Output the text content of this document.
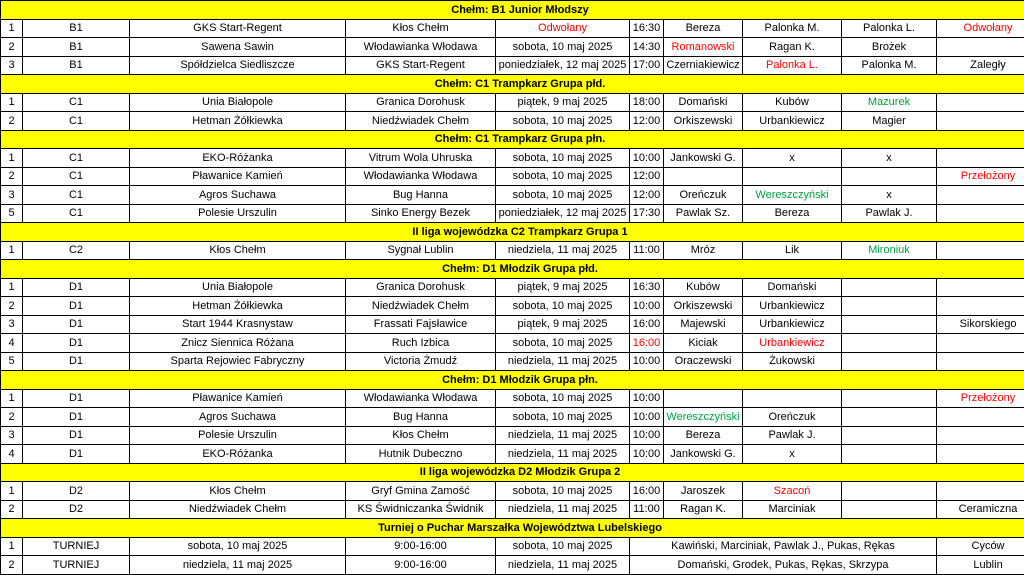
Chełm: B1 Junior Młodszy									
1	B1	GKS Start-Regent	Kłos Chełm	Odwołany	16:30	Bereza	Palonka M.	Palonka L.	Odwołany
2	B1	Sawena Sawin	Włodawianka Włodawa	sobota, 10 maj 2025	14:30	Romanowski	Ragan K.	Brożek	
3	B1	Spółdzielca Siedliszcze	GKS Start-Regent	poniedziałek, 12 maj 2025	17:00	Czerniakiewicz	Palonka L.	Palonka M.	Zaległy
Chełm: C1 Trampkarz Grupa płd.									
1	C1	Unia Białopole	Granica Dorohusk	piątek, 9 maj 2025	18:00	Domański	Kubów	Mazurek	
2	C1	Hetman Żółkiewka	Niedźwiadek Chełm	sobota, 10 maj 2025	12:00	Orkiszewski	Urbankiewicz	Magier	
Chełm: C1 Trampkarz Grupa płn.									
1	C1	EKO-Różanka	Vitrum Wola Uhruska	sobota, 10 maj 2025	10:00	Jankowski G.	x	x	
2	C1	Pławanice Kamień	Włodawianka Włodawa	sobota, 10 maj 2025	12:00				Przełożony
3	C1	Agros Suchawa	Bug Hanna	sobota, 10 maj 2025	12:00	Oreńczuk	Wereszczyński	x	
5	C1	Polesie Urszulin	Sinko Energy Bezek	poniedziałek, 12 maj 2025	17:30	Pawlak Sz.	Bereza	Pawlak J.	
II liga wojewódzka C2 Trampkarz Grupa 1									
1	C2	Kłos Chełm	Sygnał Lublin	niedziela, 11 maj 2025	11:00	Mróz	Lik	Mironiuk	
Chełm: D1 Młodzik Grupa płd.									
1	D1	Unia Białopole	Granica Dorohusk	piątek, 9 maj 2025	16:30	Kubów	Domański		
2	D1	Hetman Żółkiewka	Niedźwiadek Chełm	sobota, 10 maj 2025	10:00	Orkiszewski	Urbankiewicz		
3	D1	Start 1944 Krasnystaw	Frassati Fajsławice	piątek, 9 maj 2025	16:00	Majewski	Urbankiewicz		Sikorskiego
4	D1	Znicz Siennica Różana	Ruch Izbica	sobota, 10 maj 2025	16:00	Kiciak	Urbankiewicz		
5	D1	Sparta Rejowiec Fabryczny	Victoria Żmudź	niedziela, 11 maj 2025	10:00	Oraczewski	Żukowski		
Chełm: D1 Młodzik Grupa płn.									
1	D1	Pławanice Kamień	Włodawianka Włodawa	sobota, 10 maj 2025	10:00				Przełożony
2	D1	Agros Suchawa	Bug Hanna	sobota, 10 maj 2025	10:00	Wereszczyński	Oreńczuk		
3	D1	Polesie Urszulin	Kłos Chełm	niedziela, 11 maj 2025	10:00	Bereza	Pawlak J.		
4	D1	EKO-Różanka	Hutnik Dubeczno	niedziela, 11 maj 2025	10:00	Jankowski G.	x		
II liga wojewódzka D2 Młodzik Grupa 2									
1	D2	Kłos Chełm	Gryf Gmina Zamość	sobota, 10 maj 2025	16:00	Jaroszek	Szacoń		
2	D2	Niedźwiadek Chełm	KS Świdniczanka Świdnik	niedziela, 11 maj 2025	11:00	Ragan K.	Marciniak		Ceramiczna
Turniej o Puchar Marszałka Województwa Lubelskiego									
1	TURNIEJ	sobota, 10 maj 2025	9:00-16:00	sobota, 10 maj 2025	Kawiński, Marciniak, Pawlak J., Pukas, Rękas				Cyców
2	TURNIEJ	niedziela, 11 maj 2025	9:00-16:00	niedziela, 11 maj 2025	Domański, Grodek, Pukas, Rękas, Skrzypa				Lublin
